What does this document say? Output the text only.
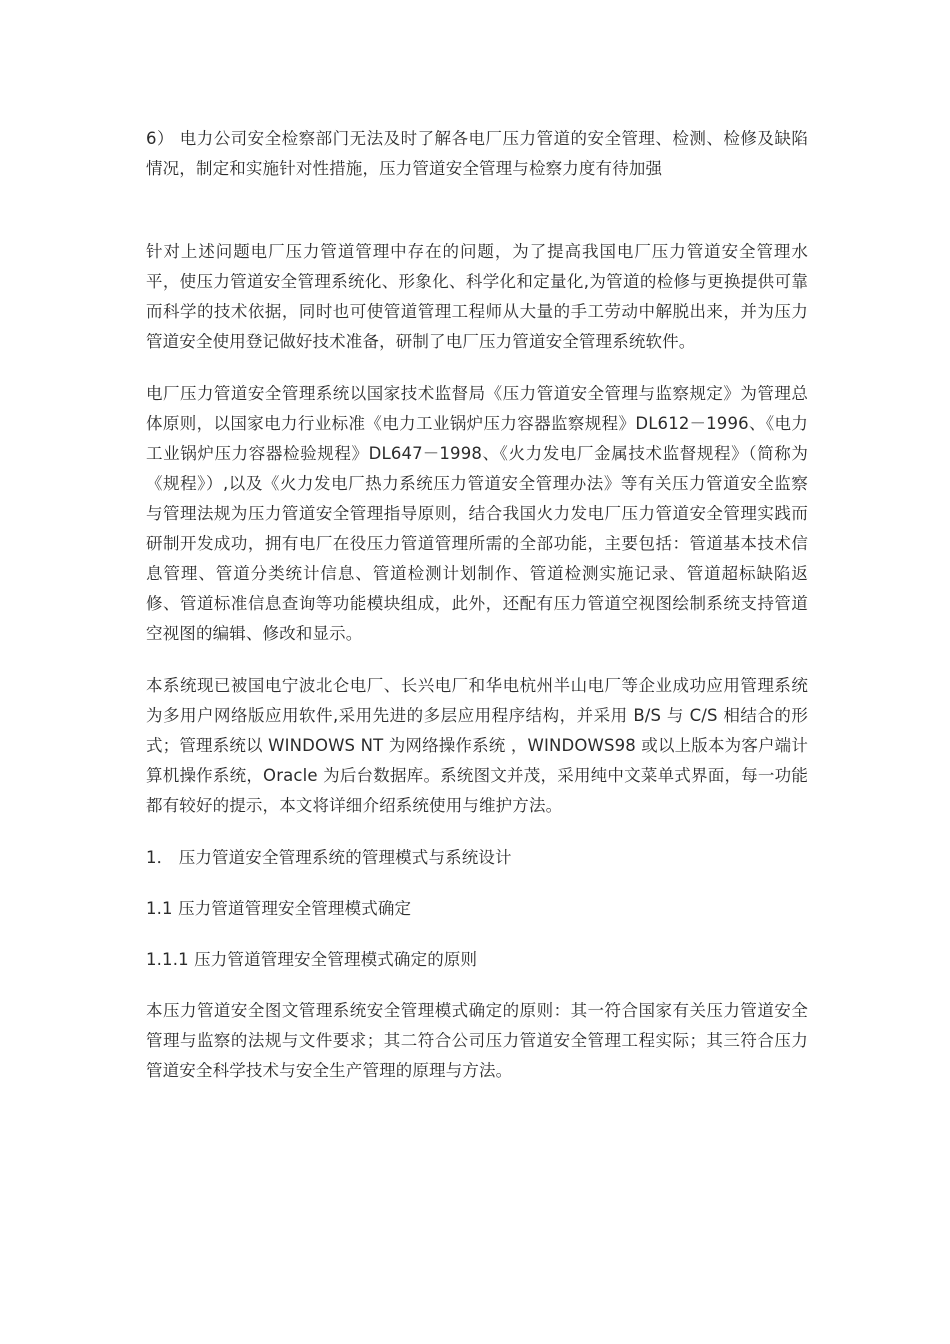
6） 电力公司安全检察部门无法及时了解各电厂压力管道的安全管理、检测、检修及缺陷情况，制定和实施针对性措施，压力管道安全管理与检察力度有待加强

针对上述问题电厂压力管道管理中存在的问题，为了提高我国电厂压力管道安全管理水平，使压力管道安全管理系统化、形象化、科学化和定量化,为管道的检修与更换提供可靠而科学的技术依据，同时也可使管道管理工程师从大量的手工劳动中解脱出来，并为压力管道安全使用登记做好技术准备，研制了电厂压力管道安全管理系统软件。

电厂压力管道安全管理系统以国家技术监督局《压力管道安全管理与监察规定》为管理总体原则，以国家电力行业标准《电力工业锅炉压力容器监察规程》DL612－1996、《电力工业锅炉压力容器检验规程》DL647－1998、《火力发电厂金属技术监督规程》（简称为《规程》）,以及《火力发电厂热力系统压力管道安全管理办法》等有关压力管道安全监察与管理法规为压力管道安全管理指导原则，结合我国火力发电厂压力管道安全管理实践而研制开发成功，拥有电厂在役压力管道管理所需的全部功能，主要包括：管道基本技术信息管理、管道分类统计信息、管道检测计划制作、管道检测实施记录、管道超标缺陷返修、管道标准信息查询等功能模块组成，此外，还配有压力管道空视图绘制系统支持管道空视图的编辑、修改和显示。

本系统现已被国电宁波北仑电厂、长兴电厂和华电杭州半山电厂等企业成功应用管理系统为多用户网络版应用软件,采用先进的多层应用程序结构，并采用 B/S 与 C/S 相结合的形式；管理系统以 WINDOWS NT 为网络操作系统 ，WINDOWS98 或以上版本为客户端计算机操作系统，Oracle 为后台数据库。系统图文并茂，采用纯中文菜单式界面，每一功能都有较好的提示，本文将详细介绍系统使用与维护方法。

1． 压力管道安全管理系统的管理模式与系统设计

1.1 压力管道管理安全管理模式确定

1.1.1 压力管道管理安全管理模式确定的原则

本压力管道安全图文管理系统安全管理模式确定的原则：其一符合国家有关压力管道安全管理与监察的法规与文件要求；其二符合公司压力管道安全管理工程实际；其三符合压力管道安全科学技术与安全生产管理的原理与方法。
